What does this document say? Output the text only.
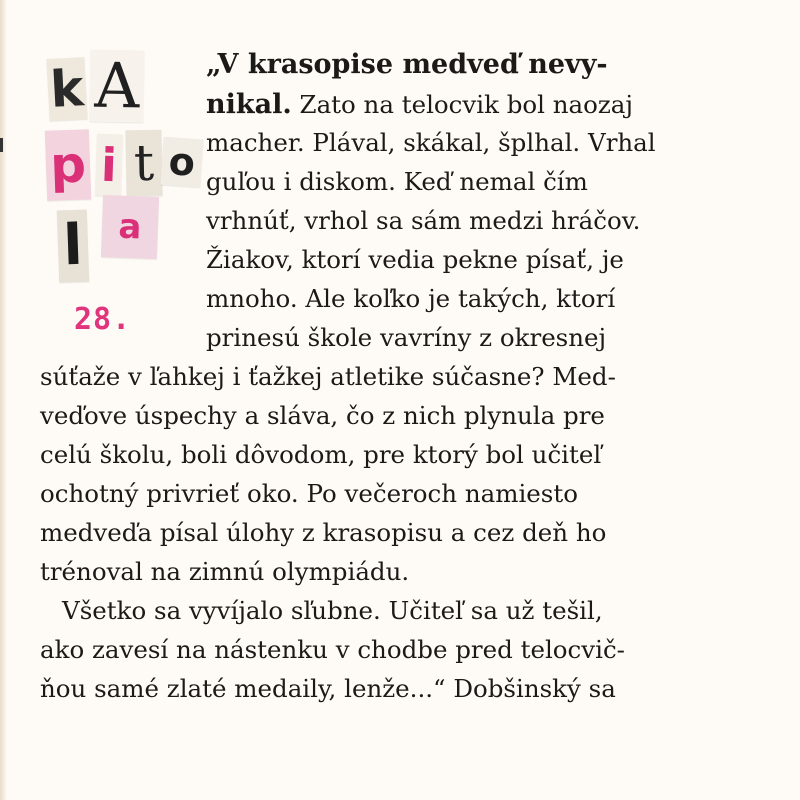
k A
p i t o
l a
28.
„V krasopise medveď nevy-
nikal. Zato na telocvik bol naozaj
macher. Plával, skákal, šplhal. Vrhal
guľou i diskom. Keď nemal čím
vrhnúť, vrhol sa sám medzi hráčov.
Žiakov, ktorí vedia pekne písať, je
mnoho. Ale koľko je takých, ktorí
prinesú škole vavríny z okresnej
súťaže v ľahkej i ťažkej atletike súčasne? Med-
veďove úspechy a sláva, čo z nich plynula pre
celú školu, boli dôvodom, pre ktorý bol učiteľ
ochotný privrieť oko. Po večeroch namiesto
medveďa písal úlohy z krasopisu a cez deň ho
trénoval na zimnú olympiádu.
Všetko sa vyvíjalo sľubne. Učiteľ sa už tešil,
ako zavesí na nástenku v chodbe pred telocvič-
ňou samé zlaté medaily, lenže...“ Dobšinský sa
